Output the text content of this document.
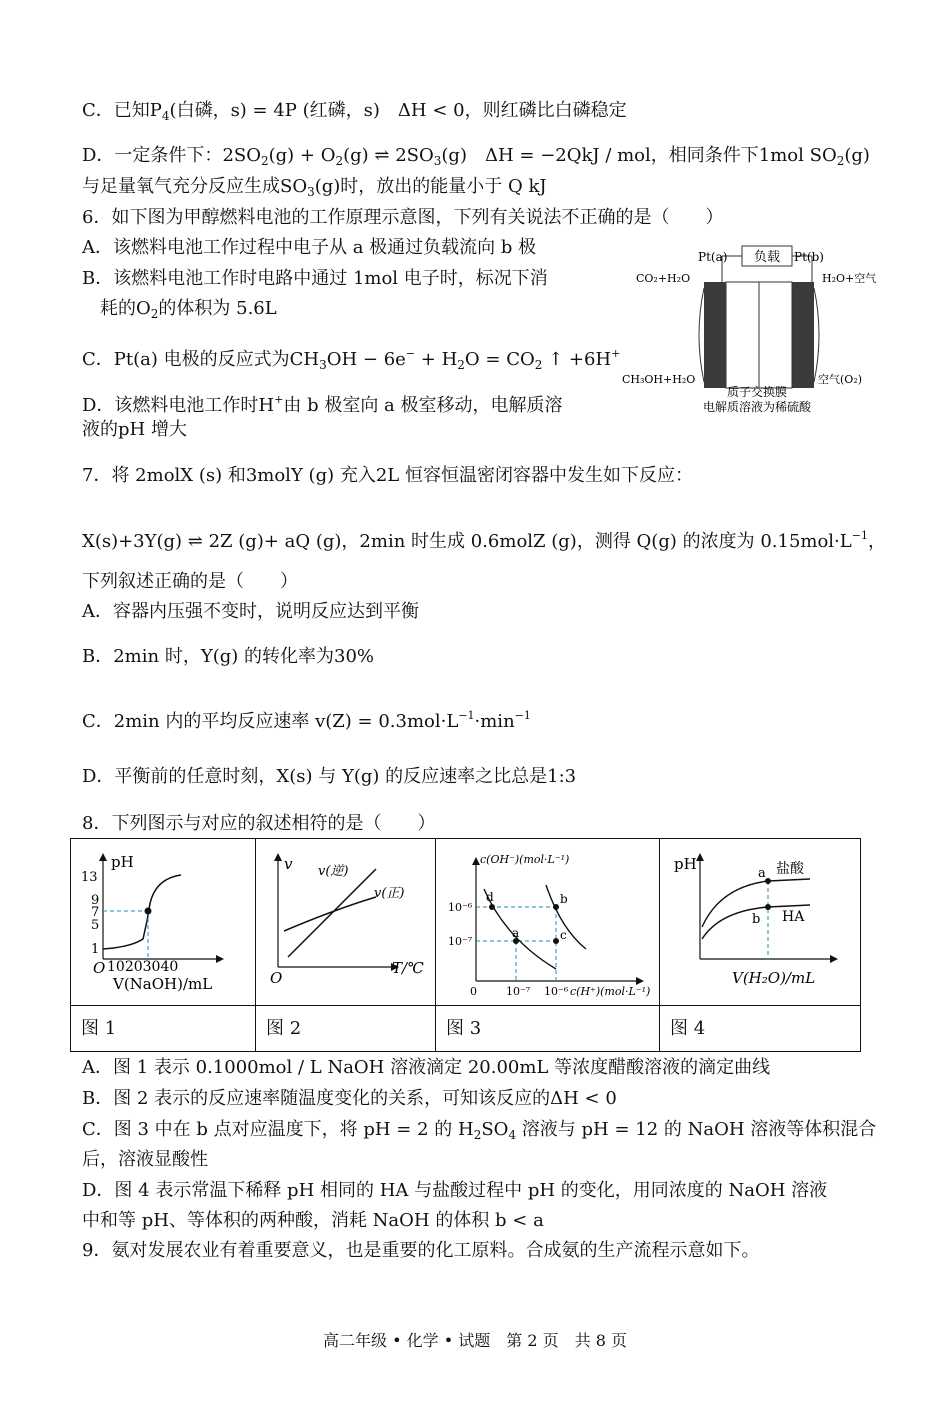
C．已知$P_4$(白磷，s) = 4P (红磷，s)　ΔH < 0，则红磷比白磷稳定
D．一定条件下：$2SO_2(g) + O_2(g)$ ⇌ $2SO_3(g)$　ΔH = −2QkJ / mol，相同条件下1mol $SO_2(g)$
与足量氧气充分反应生成$SO_3(g)$时，放出的能量小于 Q kJ
6．如下图为甲醇燃料电池的工作原理示意图，下列有关说法不正确的是（　　）
A．该燃料电池工作过程中电子从 a 极通过负载流向 b 极
B．该燃料电池工作时电路中通过 1mol 电子时，标况下消
耗的$O_2$的体积为 5.6L
C．Pt(a) 电极的反应式为$CH_3OH - 6e^- + H_2O = CO_2$ ↑ +6H+
D．该燃料电池工作时H+由 b 极室向 a 极室移动，电解质溶
液的pH 增大
负载
Pt(a)	Pt(b)
CO₂+H₂O	H₂O+空气
CH₃OH+H₂O	空气(O₂)
质子交换膜
电解质溶液为稀硫酸
7．将 2molX (s) 和3molY (g) 充入2L 恒容恒温密闭容器中发生如下反应：
X(s)+3Y(g) ⇌ 2Z (g)+ aQ (g)，2min 时生成 0.6molZ (g)，测得 Q(g) 的浓度为 $0.15mol\cdot L^{-1}$，
下列叙述正确的是（　　）
A．容器内压强不变时，说明反应达到平衡
B．2min 时，Y(g) 的转化率为30%
C．2min 内的平均反应速率 $v(Z) = 0.3mol\cdot L^{-1}\cdot\min^{-1}$
D．平衡前的任意时刻，X(s) 与 Y(g) 的反应速率之比总是1:3
8．下列图示与对应的叙述相符的是（　　）
pH
13
9
7
5
1
O 10203040
V(NaOH)/mL
v v(逆)
v(正)
O
T/℃
c(OH⁻)(mol·L⁻¹)
10⁻⁶
10⁻⁷
d
a
b
c
0	10⁻⁷ 10⁻⁶ c(H⁺)(mol·L⁻¹)
pH
a
b
盐酸
HA
V(H₂O)/mL
图 1	图 2	图 3	图 4
A．图 1 表示 0.1000mol / L NaOH 溶液滴定 20.00mL 等浓度醋酸溶液的滴定曲线
B．图 2 表示的反应速率随温度变化的关系，可知该反应的ΔH < 0
C．图 3 中在 b 点对应温度下，将 pH = 2 的 $H_2SO_4$ 溶液与 pH = 12 的 NaOH 溶液等体积混合
后，溶液显酸性
D．图 4 表示常温下稀释 pH 相同的 HA 与盐酸过程中 pH 的变化，用同浓度的 NaOH 溶液
中和等 pH、等体积的两种酸，消耗 NaOH 的体积 b < a
9．氨对发展农业有着重要意义，也是重要的化工原料。合成氨的生产流程示意如下。
高二年级 • 化学 • 试题　第 2 页　共 8 页
